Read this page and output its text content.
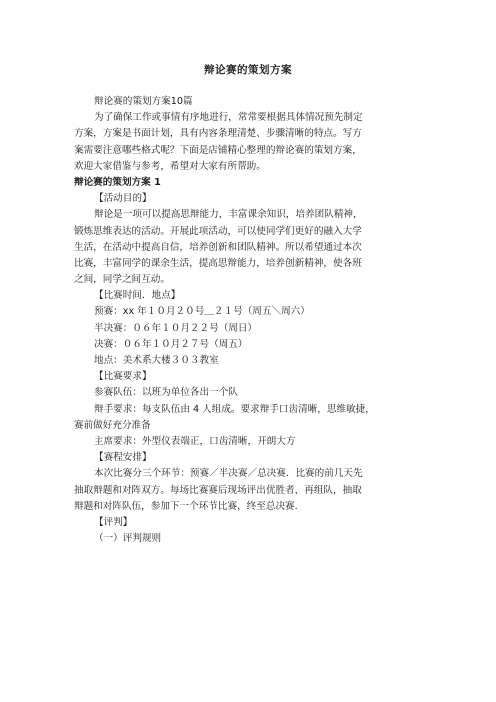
辩论赛的策划方案
辩论赛的策划方案10篇
为了确保工作或事情有序地进行，常常要根据具体情况预先制定
方案，方案是书面计划，具有内容条理清楚、步骤清晰的特点。写方
案需要注意哪些格式呢？下面是店铺精心整理的辩论赛的策划方案，
欢迎大家借鉴与参考，希望对大家有所帮助。
辩论赛的策划方案 1
【活动目的】
辩论是一项可以提高思辩能力，丰富课余知识，培养团队精神，
锻炼思维表达的活动。开展此项活动，可以使同学们更好的融入大学
生活，在活动中提高自信，培养创新和团队精神。所以希望通过本次
比赛，丰富同学的课余生活，提高思辩能力，培养创新精神，使各班
之间，同学之间互动。
【比赛时间．地点】
预赛：xx 年１０月２０号＿２１号（周五＼周六）
半决赛：０６年１０月２２号（周日）
决赛：０６年１０月２７号（周五）
地点：美术系大楼３０３教室
【比赛要求】
参赛队伍：以班为单位各出一个队
辩手要求：每支队伍由 4 人组成。要求辩手口齿清晰，思维敏捷，
赛前做好充分准备
主席要求：外型仪表端正，口齿清晰，开朗大方
【赛程安排】
本次比赛分三个环节：预赛／半决赛／总决赛．比赛的前几天先
抽取辩题和对阵双方。每场比赛赛后现场评出优胜者，再组队，抽取
辩题和对阵队伍，参加下一个环节比赛，终至总决赛．
【评判】
（一）评判规则
